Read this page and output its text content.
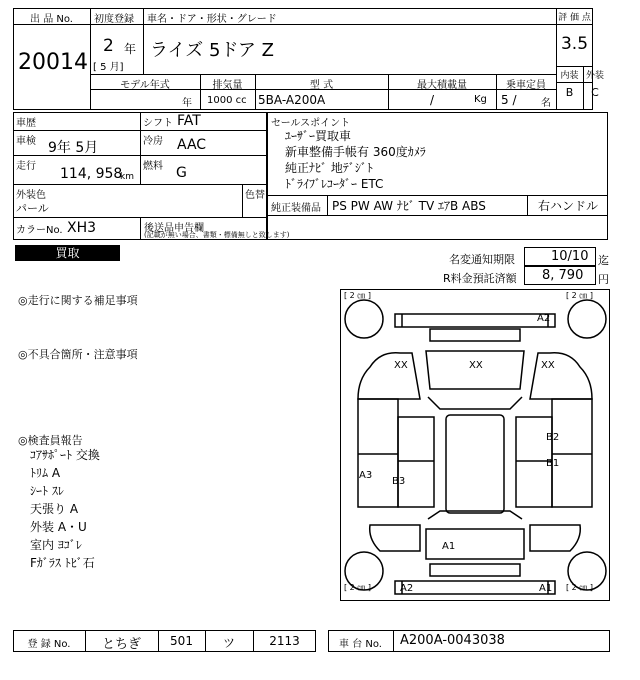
出 品 No.
20014
初度登録
2 年
[ 5 月]
車名・ドア・形状・グレード
ライズ 5ドア Z
モデル年式
年
排気量
1000 cc
型 式
5BA-A200A
最大積載量
/	Kg
乗車定員
5 / 名
評 価 点
3.5
内装 外装
B	C
車歴
車検 9年 5月
走行 114, 958
km
シフト FAT
冷房 AAC
燃料 G
外装色
パール
色替
カラーNo. XH3	後送品申告欄
(記載が無い場合、書類・標備無しと致します)
セールスポイント
ﾕｰｻﾞｰ買取車
新車整備手帳有 360度ｶﾒﾗ
純正ﾅﾋﾞ 地ﾃﾞｼﾞﾄ
ﾄﾞﾗｲﾌﾞﾚｺｰﾀﾞｰ ETC
純正装備品 PS PW AW ﾅﾋﾞ TV ｴｱB ABS	右ハンドル
買取	名変通知期限	10/10 迄
R料金預託済額 8, 790 円
◎走行に関する補足事項
◎不具合箇所・注意事項
◎検査員報告
ｺｱｻﾎﾟｰﾄ 交換
ﾄﾘﾑ A
ｼｰﾄ ｽﾚ
天張り A
外装 A・U
室内 ﾖｺﾞﾚ
Fｶﾞﾗｽ ﾄﾋﾞ石
[ 2 ㎝ ]	[ 2 ㎝ ]
[ 2 ㎝ ]	[ 2 ㎝ ]
A2
XX	XX	XX
B2
B1
A3
B3
A1
A2	A1
登 録 No.	とちぎ	501	ツ	2113	車 台 No.	A200A-0043038
